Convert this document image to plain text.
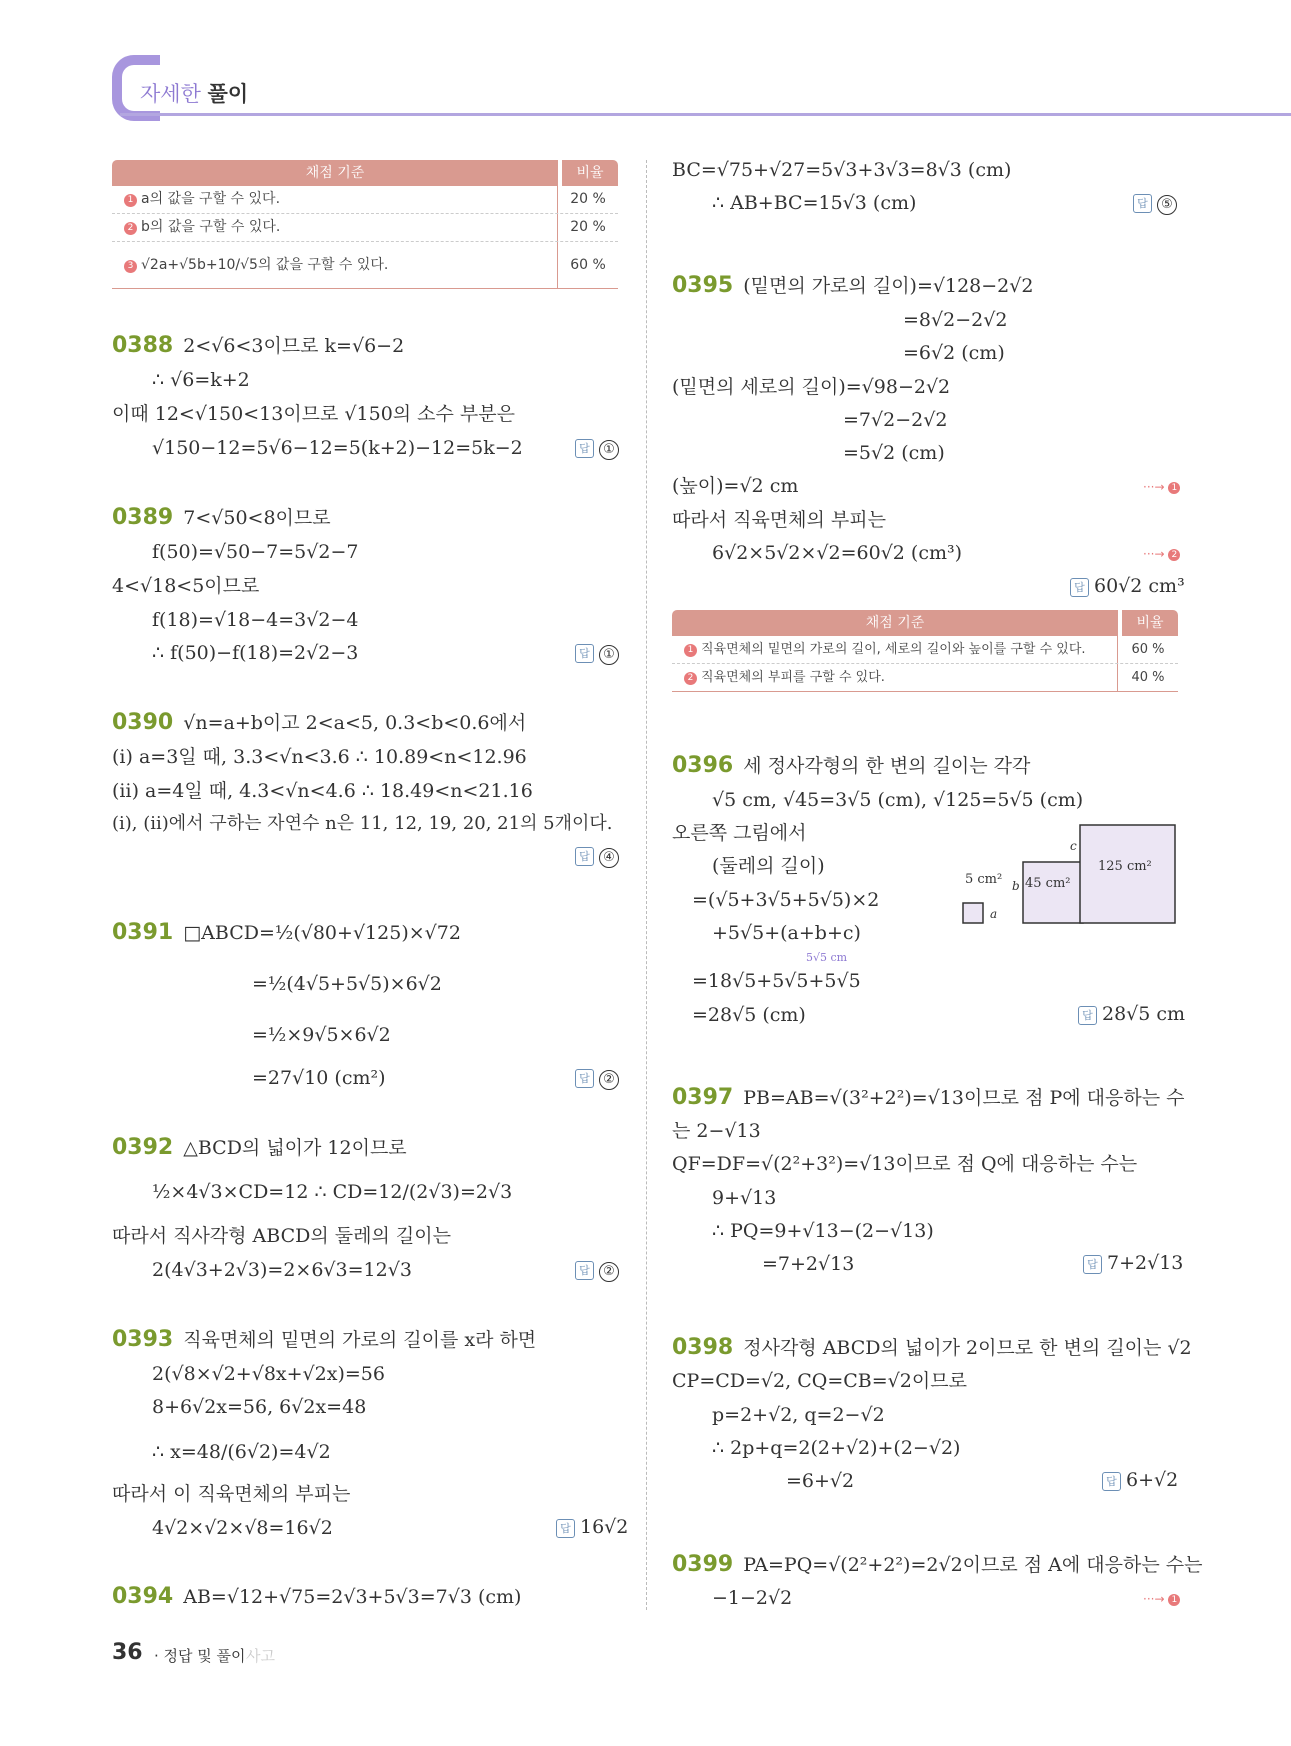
자세한 풀이
채점 기준	비율
1 a의 값을 구할 수 있다.	20 %
2 b의 값을 구할 수 있다.	20 %
3 √2a+√5b+10/√5의 값을 구할 수 있다.	60 %
0388 2<√6<3이므로 k=√6−2
∴ √6=k+2
이때 12<√150<13이므로 √150의 소수 부분은
√150−12=5√6−12=5(k+2)−12=5k−2	답 ①
0389 7<√50<8이므로
f(50)=√50−7=5√2−7
4<√18<5이므로
f(18)=√18−4=3√2−4
∴ f(50)−f(18)=2√2−3	답 ①
0390 √n=a+b이고 2<a<5, 0.3<b<0.6에서
(ⅰ) a=3일 때, 3.3<√n<3.6 ∴ 10.89<n<12.96
(ⅱ) a=4일 때, 4.3<√n<4.6 ∴ 18.49<n<21.16
(ⅰ), (ⅱ)에서 구하는 자연수 n은 11, 12, 19, 20, 21의 5개이다.
답 ④
0391 □ABCD=½(√80+√125)×√72
=½(4√5+5√5)×6√2
=½×9√5×6√2
=27√10 (cm²)	답 ②
0392 △BCD의 넓이가 12이므로
½×4√3×CD=12 ∴ CD=12/(2√3)=2√3
따라서 직사각형 ABCD의 둘레의 길이는
2(4√3+2√3)=2×6√3=12√3	답 ②
0393 직육면체의 밑면의 가로의 길이를 x라 하면
2(√8×√2+√8x+√2x)=56
8+6√2x=56, 6√2x=48
∴ x=48/(6√2)=4√2
따라서 이 직육면체의 부피는
4√2×√2×√8=16√2	답 16√2
0394 AB=√12+√75=2√3+5√3=7√3 (cm)
BC=√75+√27=5√3+3√3=8√3 (cm)
∴ AB+BC=15√3 (cm)	답 ⑤
0395 (밑면의 가로의 길이)=√128−2√2
=8√2−2√2
=6√2 (cm)
(밑면의 세로의 길이)=√98−2√2
=7√2−2√2
=5√2 (cm)
(높이)=√2 cm	···→ 1
따라서 직육면체의 부피는
6√2×5√2×√2=60√2 (cm³)	···→ 2
답 60√2 cm³
채점 기준	비율
1 직육면체의 밑면의 가로의 길이, 세로의 길이와 높이를 구할 수 있다.	60 %
2 직육면체의 부피를 구할 수 있다.	40 %
0396 세 정사각형의 한 변의 길이는 각각
√5 cm, √45=3√5 (cm), √125=5√5 (cm)
오른쪽 그림에서
(둘레의 길이)
=(√5+3√5+5√5)×2
+5√5+(a+b+c)
5√5 cm
=18√5+5√5+5√5
=28√5 (cm)	답 28√5 cm
5 cm² 45 cm²
125 cm²
a
b
c
0397 PB=AB=√(3²+2²)=√13이므로 점 P에 대응하는 수
는 2−√13
QF=DF=√(2²+3²)=√13이므로 점 Q에 대응하는 수는
9+√13
∴ PQ=9+√13−(2−√13)
=7+2√13	답 7+2√13
0398 정사각형 ABCD의 넓이가 2이므로 한 변의 길이는 √2
CP=CD=√2, CQ=CB=√2이므로
p=2+√2, q=2−√2
∴ 2p+q=2(2+√2)+(2−√2)
=6+√2	답 6+√2
0399 PA=PQ=√(2²+2²)=2√2이므로 점 A에 대응하는 수는
−1−2√2	···→ 1
36 · 정답 및 풀이 사고
